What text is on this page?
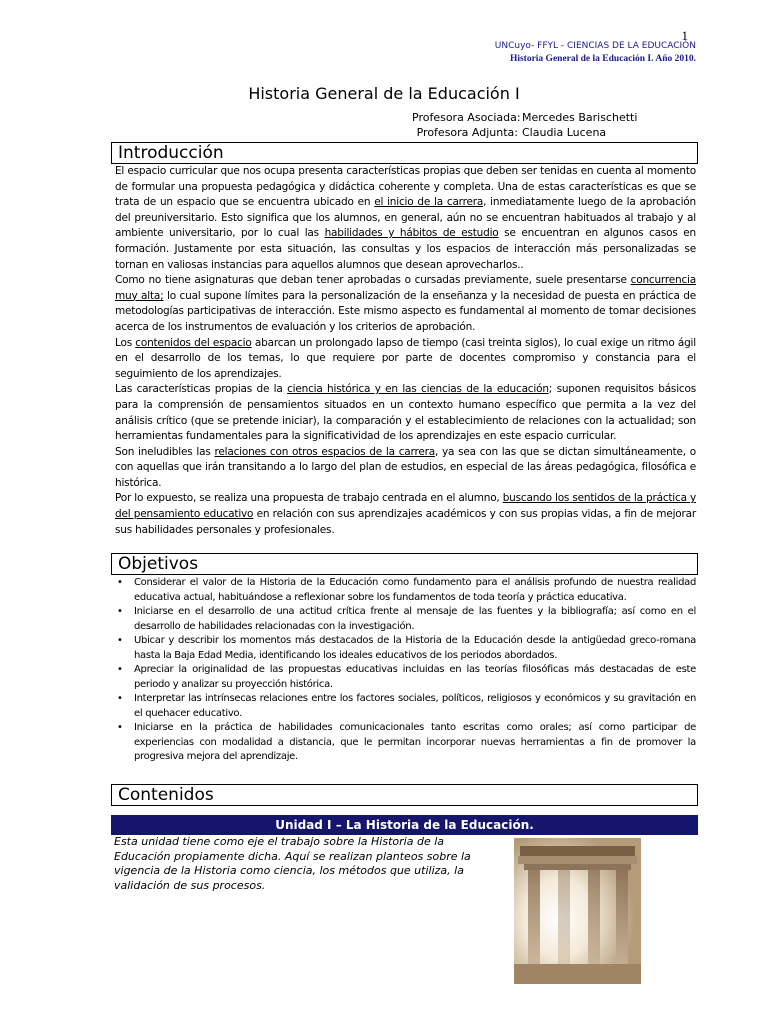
1
UNCuyo- FFYL - CIENCIAS DE LA EDUCACIÓN
Historia General de la Educación I. Año 2010.
Historia General de la Educación I
Profesora Asociada:Mercedes Barischetti
Profesora Adjunta: Claudia Lucena
Introducción

El espacio curricular que nos ocupa presenta características propias que deben ser tenidas en cuenta al momento de formular una propuesta pedagógica y didáctica coherente y completa. Una de estas características es que se trata de un espacio que se encuentra ubicado en el inicio de la carrera, inmediatamente luego de la aprobación del preuniversitario. Esto significa que los alumnos, en general, aún no se encuentran habituados al trabajo y al ambiente universitario, por lo cual las habilidades y hábitos de estudio se encuentran en algunos casos en formación. Justamente por esta situación, las consultas y los espacios de interacción más personalizadas se tornan en valiosas instancias para aquellos alumnos que desean aprovecharlos..

Como no tiene asignaturas que deban tener aprobadas o cursadas previamente, suele presentarse concurrencia muy alta; lo cual supone límites para la personalización de la enseñanza y la necesidad de puesta en práctica de metodologías participativas de interacción. Este mismo aspecto es fundamental al momento de tomar decisiones acerca de los instrumentos de evaluación y los criterios de aprobación.

Los contenidos del espacio abarcan un prolongado lapso de tiempo (casi treinta siglos), lo cual exige un ritmo ágil en el desarrollo de los temas, lo que requiere por parte de docentes compromiso y constancia para el seguimiento de los aprendizajes.

Las características propias de la ciencia histórica y en las ciencias de la educación; suponen requisitos básicos para la comprensión de pensamientos situados en un contexto humano específico que permita a la vez del análisis crítico (que se pretende iniciar), la comparación y el establecimiento de relaciones con la actualidad; son herramientas fundamentales para la significatividad de los aprendizajes en este espacio curricular.

Son ineludibles las relaciones con otros espacios de la carrera, ya sea con las que se dictan simultáneamente, o con aquellas que irán transitando a lo largo del plan de estudios, en especial de las áreas pedagógica, filosófica e histórica.

Por lo expuesto, se realiza una propuesta de trabajo centrada en el alumno, buscando los sentidos de la práctica y del pensamiento educativo en relación con sus aprendizajes académicos y con sus propias vidas, a fin de mejorar sus habilidades personales y profesionales.

Objetivos
• Considerar el valor de la Historia de la Educación como fundamento para el análisis profundo de nuestra realidad educativa actual, habituándose a reflexionar sobre los fundamentos de toda teoría y práctica educativa.
• Iniciarse en el desarrollo de una actitud crítica frente al mensaje de las fuentes y la bibliografía; así como en el desarrollo de habilidades relacionadas con la investigación.
• Ubicar y describir los momentos más destacados de la Historia de la Educación desde la antigüedad greco-romana hasta la Baja Edad Media, identificando los ideales educativos de los periodos abordados.
• Apreciar la originalidad de las propuestas educativas incluidas en las teorías filosóficas más destacadas de este periodo y analizar su proyección histórica.
• Interpretar las intrínsecas relaciones entre los factores sociales, políticos, religiosos y económicos y su gravitación en el quehacer educativo.
• Iniciarse en la práctica de habilidades comunicacionales tanto escritas como orales; así como participar de experiencias con modalidad a distancia, que le permitan incorporar nuevas herramientas a fin de promover la progresiva mejora del aprendizaje.
Contenidos
Unidad I – La Historia de la Educación.
Esta unidad tiene como eje el trabajo sobre la Historia de la Educación propiamente dicha. Aquí se realizan planteos sobre la vigencia de la Historia como ciencia, los métodos que utiliza, la validación de sus procesos.
